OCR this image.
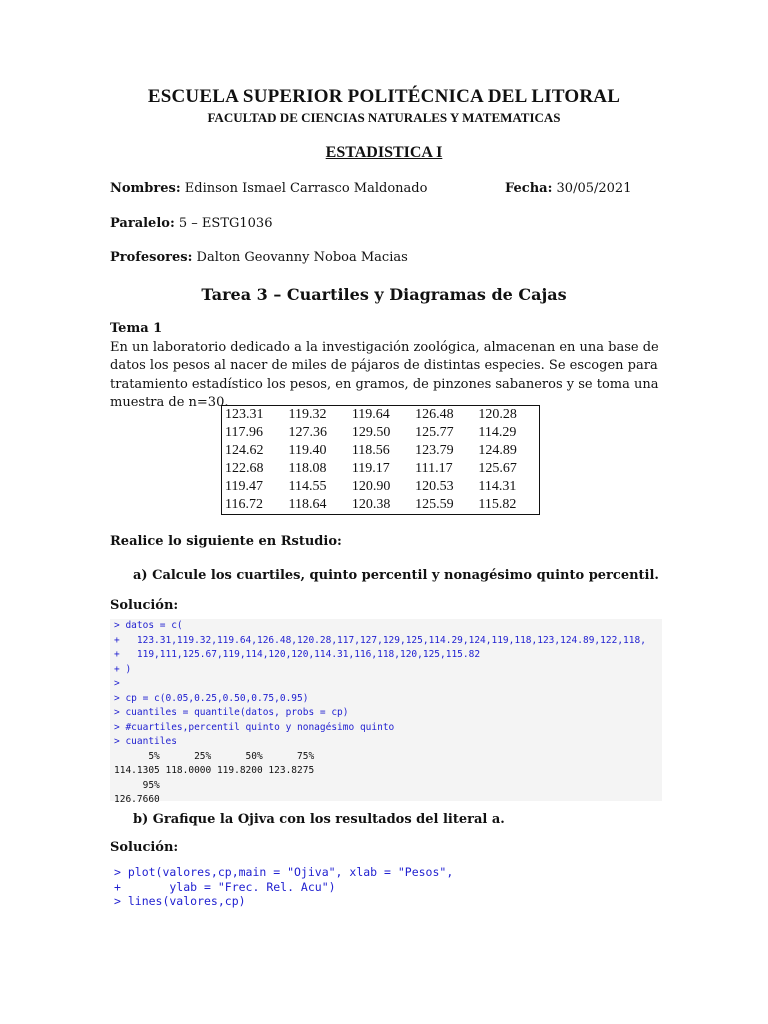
ESCUELA SUPERIOR POLITÉCNICA DEL LITORAL
FACULTAD DE CIENCIAS NATURALES Y MATEMATICAS
ESTADISTICA I
Nombres: Edinson Ismael Carrasco Maldonado	Fecha: 30/05/2021
Paralelo: 5 – ESTG1036
Profesores: Dalton Geovanny Noboa Macias
Tarea 3 – Cuartiles y Diagramas de Cajas

Tema 1

En un laboratorio dedicado a la investigación zoológica, almacenan en una base de datos los pesos al nacer de miles de pájaros de distintas especies. Se escogen para tratamiento estadístico los pesos, en gramos, de pinzones sabaneros y se toma una muestra de n=30.

123.31	119.32	119.64	126.48	120.28
117.96	127.36	129.50	125.77	114.29
124.62	119.40	118.56	123.79	124.89
122.68	118.08	119.17	111.17	125.67
119.47	114.55	120.90	120.53	114.31
116.72	118.64	120.38	125.59	115.82
Realice lo siguiente en Rstudio:
a) Calcule los cuartiles, quinto percentil y nonagésimo quinto percentil.
Solución:
> datos = c(
+   123.31,119.32,119.64,126.48,120.28,117,127,129,125,114.29,124,119,118,123,124.89,122,118,
+   119,111,125.67,119,114,120,120,114.31,116,118,120,125,115.82
+ )
>
> cp = c(0.05,0.25,0.50,0.75,0.95)
> cuantiles = quantile(datos, probs = cp)
> #cuartiles,percentil quinto y nonagésimo quinto
> cuantiles
5%      25%      50%      75%
114.1305 118.0000 119.8200 123.8275
95%
126.7660
b) Grafique la Ojiva con los resultados del literal a.
Solución:
> plot(valores,cp,main = "Ojiva", xlab = "Pesos",
+       ylab = "Frec. Rel. Acu")
> lines(valores,cp)
